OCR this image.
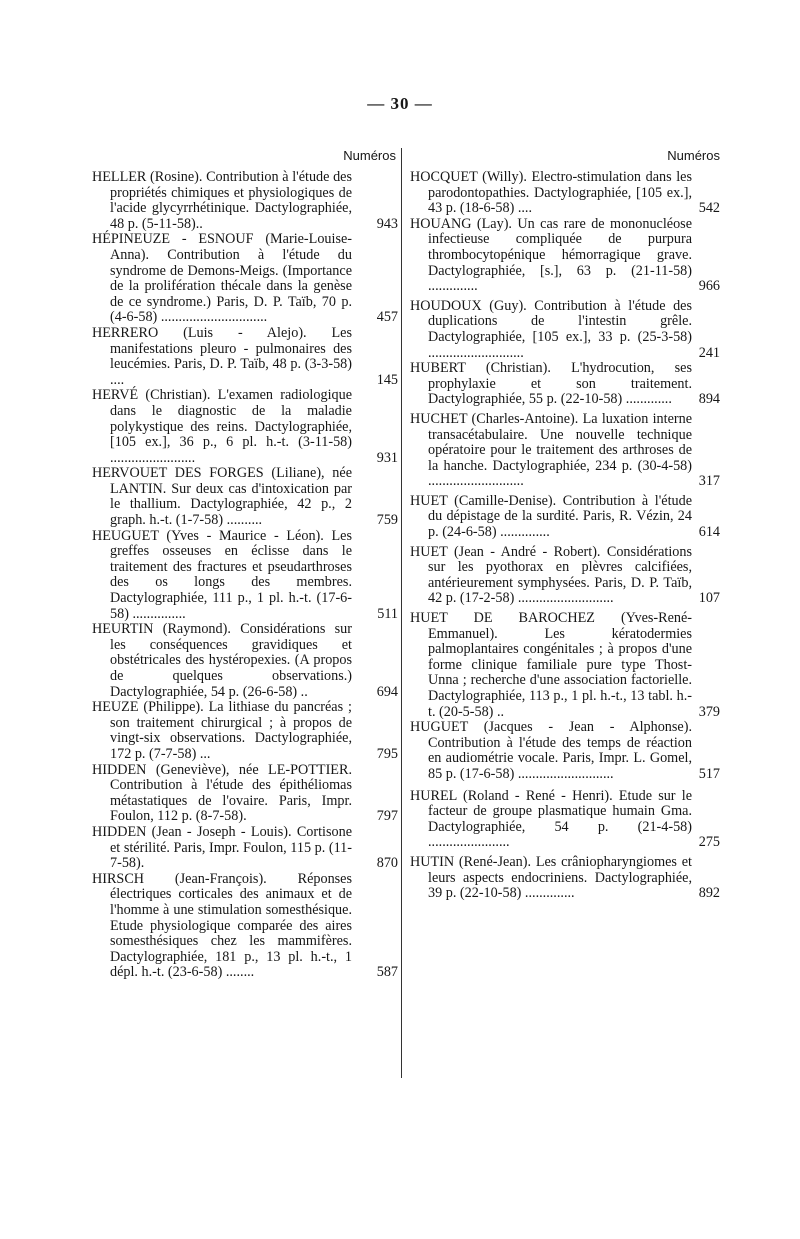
— 30 —
Numéros
HELLER (Rosine). Contribution à l'étude des propriétés chimiques et physiologiques de l'acide glycyrrhétinique. Dactylographiée, 48 p. (5-11-58)..	943
HÉPINEUZE - ESNOUF (Marie-Louise-Anna). Contribution à l'étude du syndrome de Demons-Meigs. (Importance de la prolifération thécale dans la genèse de ce syndrome.) Paris, D. P. Taïb, 70 p. (4-6-58) ..............................	457
HERRERO (Luis - Alejo). Les manifestations pleuro - pulmonaires des leucémies. Paris, D. P. Taïb, 48 p. (3-3-58) ....	145
HERVÉ (Christian). L'examen radiologique dans le diagnostic de la maladie polykystique des reins. Dactylographiée, [105 ex.], 36 p., 6 pl. h.-t. (3-11-58) ........................	931
HERVOUET DES FORGES (Liliane), née LANTIN. Sur deux cas d'intoxication par le thallium. Dactylographiée, 42 p., 2 graph. h.-t. (1-7-58) ..........	759
HEUGUET (Yves - Maurice - Léon). Les greffes osseuses en éclisse dans le traitement des fractures et pseudarthroses des os longs des membres. Dactylographiée, 111 p., 1 pl. h.-t. (17-6-58) ...............	511
HEURTIN (Raymond). Considérations sur les conséquences gravidiques et obstétricales des hystéropexies. (A propos de quelques observations.) Dactylographiée, 54 p. (26-6-58) ..	694
HEUZE (Philippe). La lithiase du pancréas ; son traitement chirurgical ; à propos de vingt-six observations. Dactylographiée, 172 p. (7-7-58) ...	795
HIDDEN (Geneviève), née LE-POTTIER. Contribution à l'étude des épithéliomas métastatiques de l'ovaire. Paris, Impr. Foulon, 112 p. (8-7-58).	797
HIDDEN (Jean - Joseph - Louis). Cortisone et stérilité. Paris, Impr. Foulon, 115 p. (11-7-58).	870
HIRSCH (Jean-François). Réponses électriques corticales des animaux et de l'homme à une stimulation somesthésique. Etude physiologique comparée des aires somesthésiques chez les mammifères. Dactylographiée, 181 p., 13 pl. h.-t., 1 dépl. h.-t. (23-6-58) ........	587
Numéros
HOCQUET (Willy). Electro-stimulation dans les parodontopathies. Dactylographiée, [105 ex.], 43 p. (18-6-58) ....	542
HOUANG (Lay). Un cas rare de mononucléose infectieuse compliquée de purpura thrombocytopénique hémorragique grave. Dactylographiée, [s.], 63 p. (21-11-58) ..............	966
HOUDOUX (Guy). Contribution à l'étude des duplications de l'intestin grêle. Dactylographiée, [105 ex.], 33 p. (25-3-58) ...........................	241
HUBERT (Christian). L'hydrocution, ses prophylaxie et son traitement. Dactylographiée, 55 p. (22-10-58) .............	894
HUCHET (Charles-Antoine). La luxation interne transacétabulaire. Une nouvelle technique opératoire pour le traitement des arthroses de la hanche. Dactylographiée, 234 p. (30-4-58) ...........................	317
HUET (Camille-Denise). Contribution à l'étude du dépistage de la surdité. Paris, R. Vézin, 24 p. (24-6-58) ..............	614
HUET (Jean - André - Robert). Considérations sur les pyothorax en plèvres calcifiées, antérieurement symphysées. Paris, D. P. Taïb, 42 p. (17-2-58) ...........................	107
HUET DE BAROCHEZ (Yves-René-Emmanuel). Les kératodermies palmoplantaires congénitales ; à propos d'une forme clinique familiale pure type Thost-Unna ; recherche d'une association factorielle. Dactylographiée, 113 p., 1 pl. h.-t., 13 tabl. h.-t. (20-5-58) ..	379
HUGUET (Jacques - Jean - Alphonse). Contribution à l'étude des temps de réaction en audiométrie vocale. Paris, Impr. L. Gomel, 85 p. (17-6-58) ...........................	517
HUREL (Roland - René - Henri). Etude sur le facteur de groupe plasmatique humain Gma. Dactylographiée, 54 p. (21-4-58) .......................	275
HUTIN (René-Jean). Les crâniopharyngiomes et leurs aspects endocriniens. Dactylographiée, 39 p. (22-10-58) ..............	892
